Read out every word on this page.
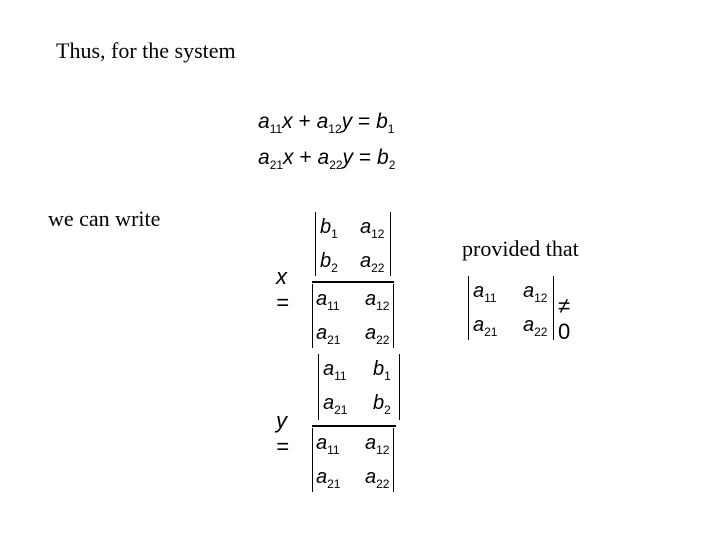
Thus, for the system
we can write
provided that
$a_{11}x + a_{12}y = b_1$
$a_{21}x + a_{22}y = b_2$
x =
$b_1$ $a_{12}$
$b_2$ $a_{22}$
$a_{11}$ $a_{12}$
$a_{21}$ $a_{22}$
y =
$a_{11}$ $b_1$
$a_{21}$ $b_2$
$a_{11}$ $a_{12}$
$a_{21}$ $a_{22}$
$a_{11}$ $a_{12}$
$a_{21}$ $a_{22}$
≠ 0
